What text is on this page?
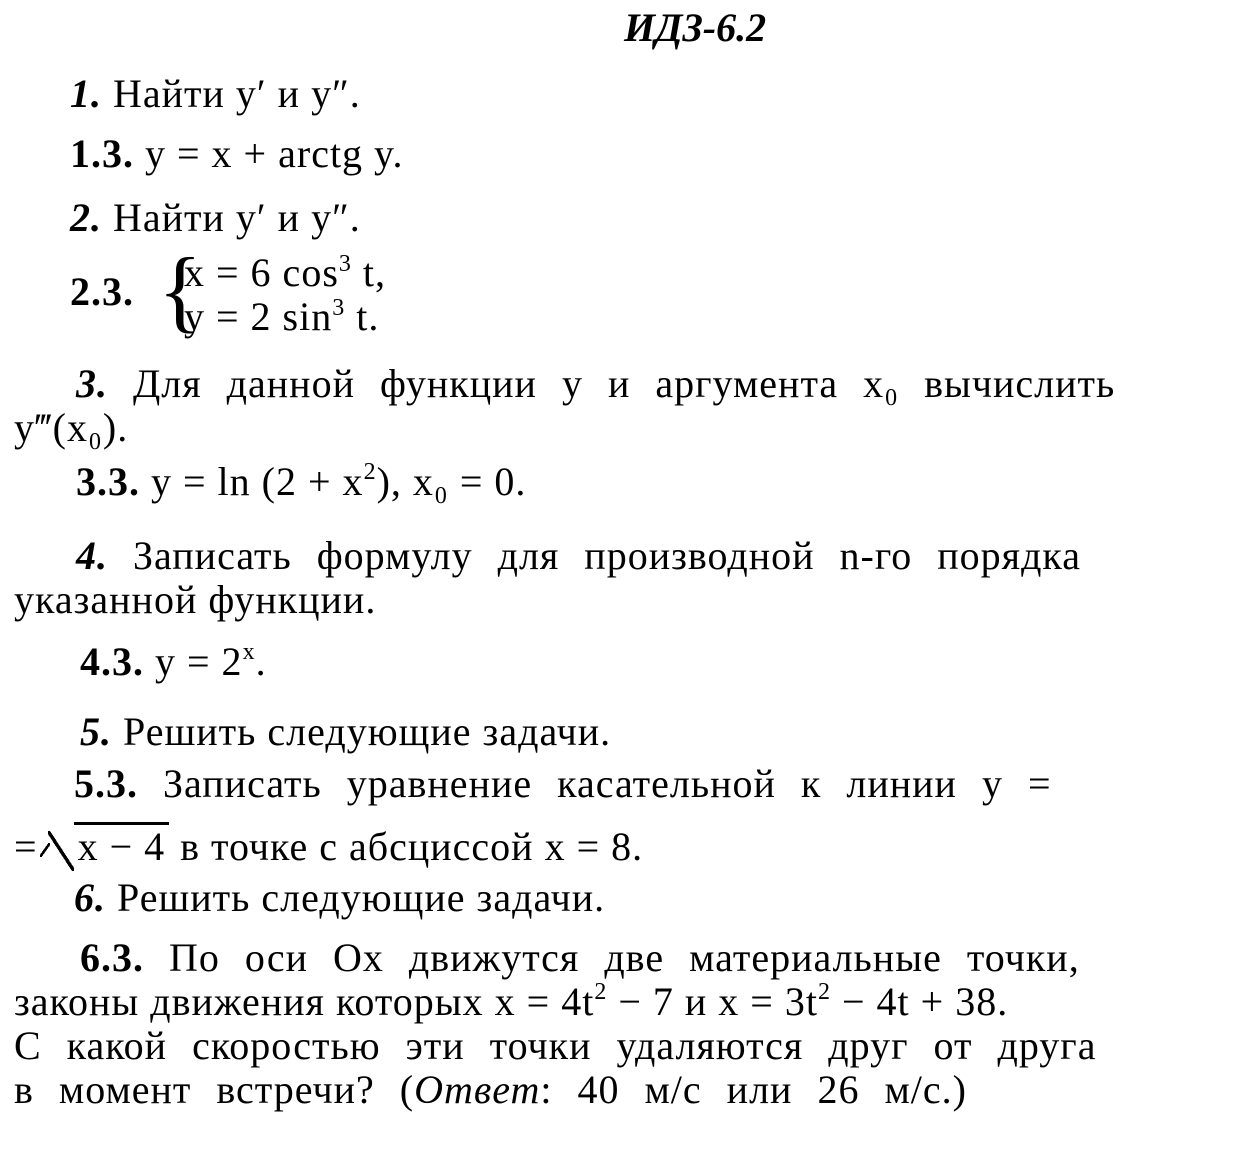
ИДЗ-6.2
1. Найти y′ и y″.
1.3. y = x + arctg y.
2. Найти y′ и y″.
2.3. {
x = 6 cos3 t,
y = 2 sin3 t.
3. Для данной функции y и аргумента x₀ вычислить
y‴(x₀).
3.3. y = ln (2 + x2), x₀ = 0.
4. Записать формулу для производной n-го порядка
указанной функции.
4.3. y = 2x.
5. Решить следующие задачи.
5.3. Записать уравнение касательной к линии y =
= x − 4 в точке с абсциссой x = 8.
6. Решить следующие задачи.
6.3. По оси Ox движутся две материальные точки,
законы движения которых x = 4t2 − 7 и x = 3t2 − 4t + 38.
С какой скоростью эти точки удаляются друг от друга
в момент встречи? (Ответ: 40 м/с или 26 м/с.)
